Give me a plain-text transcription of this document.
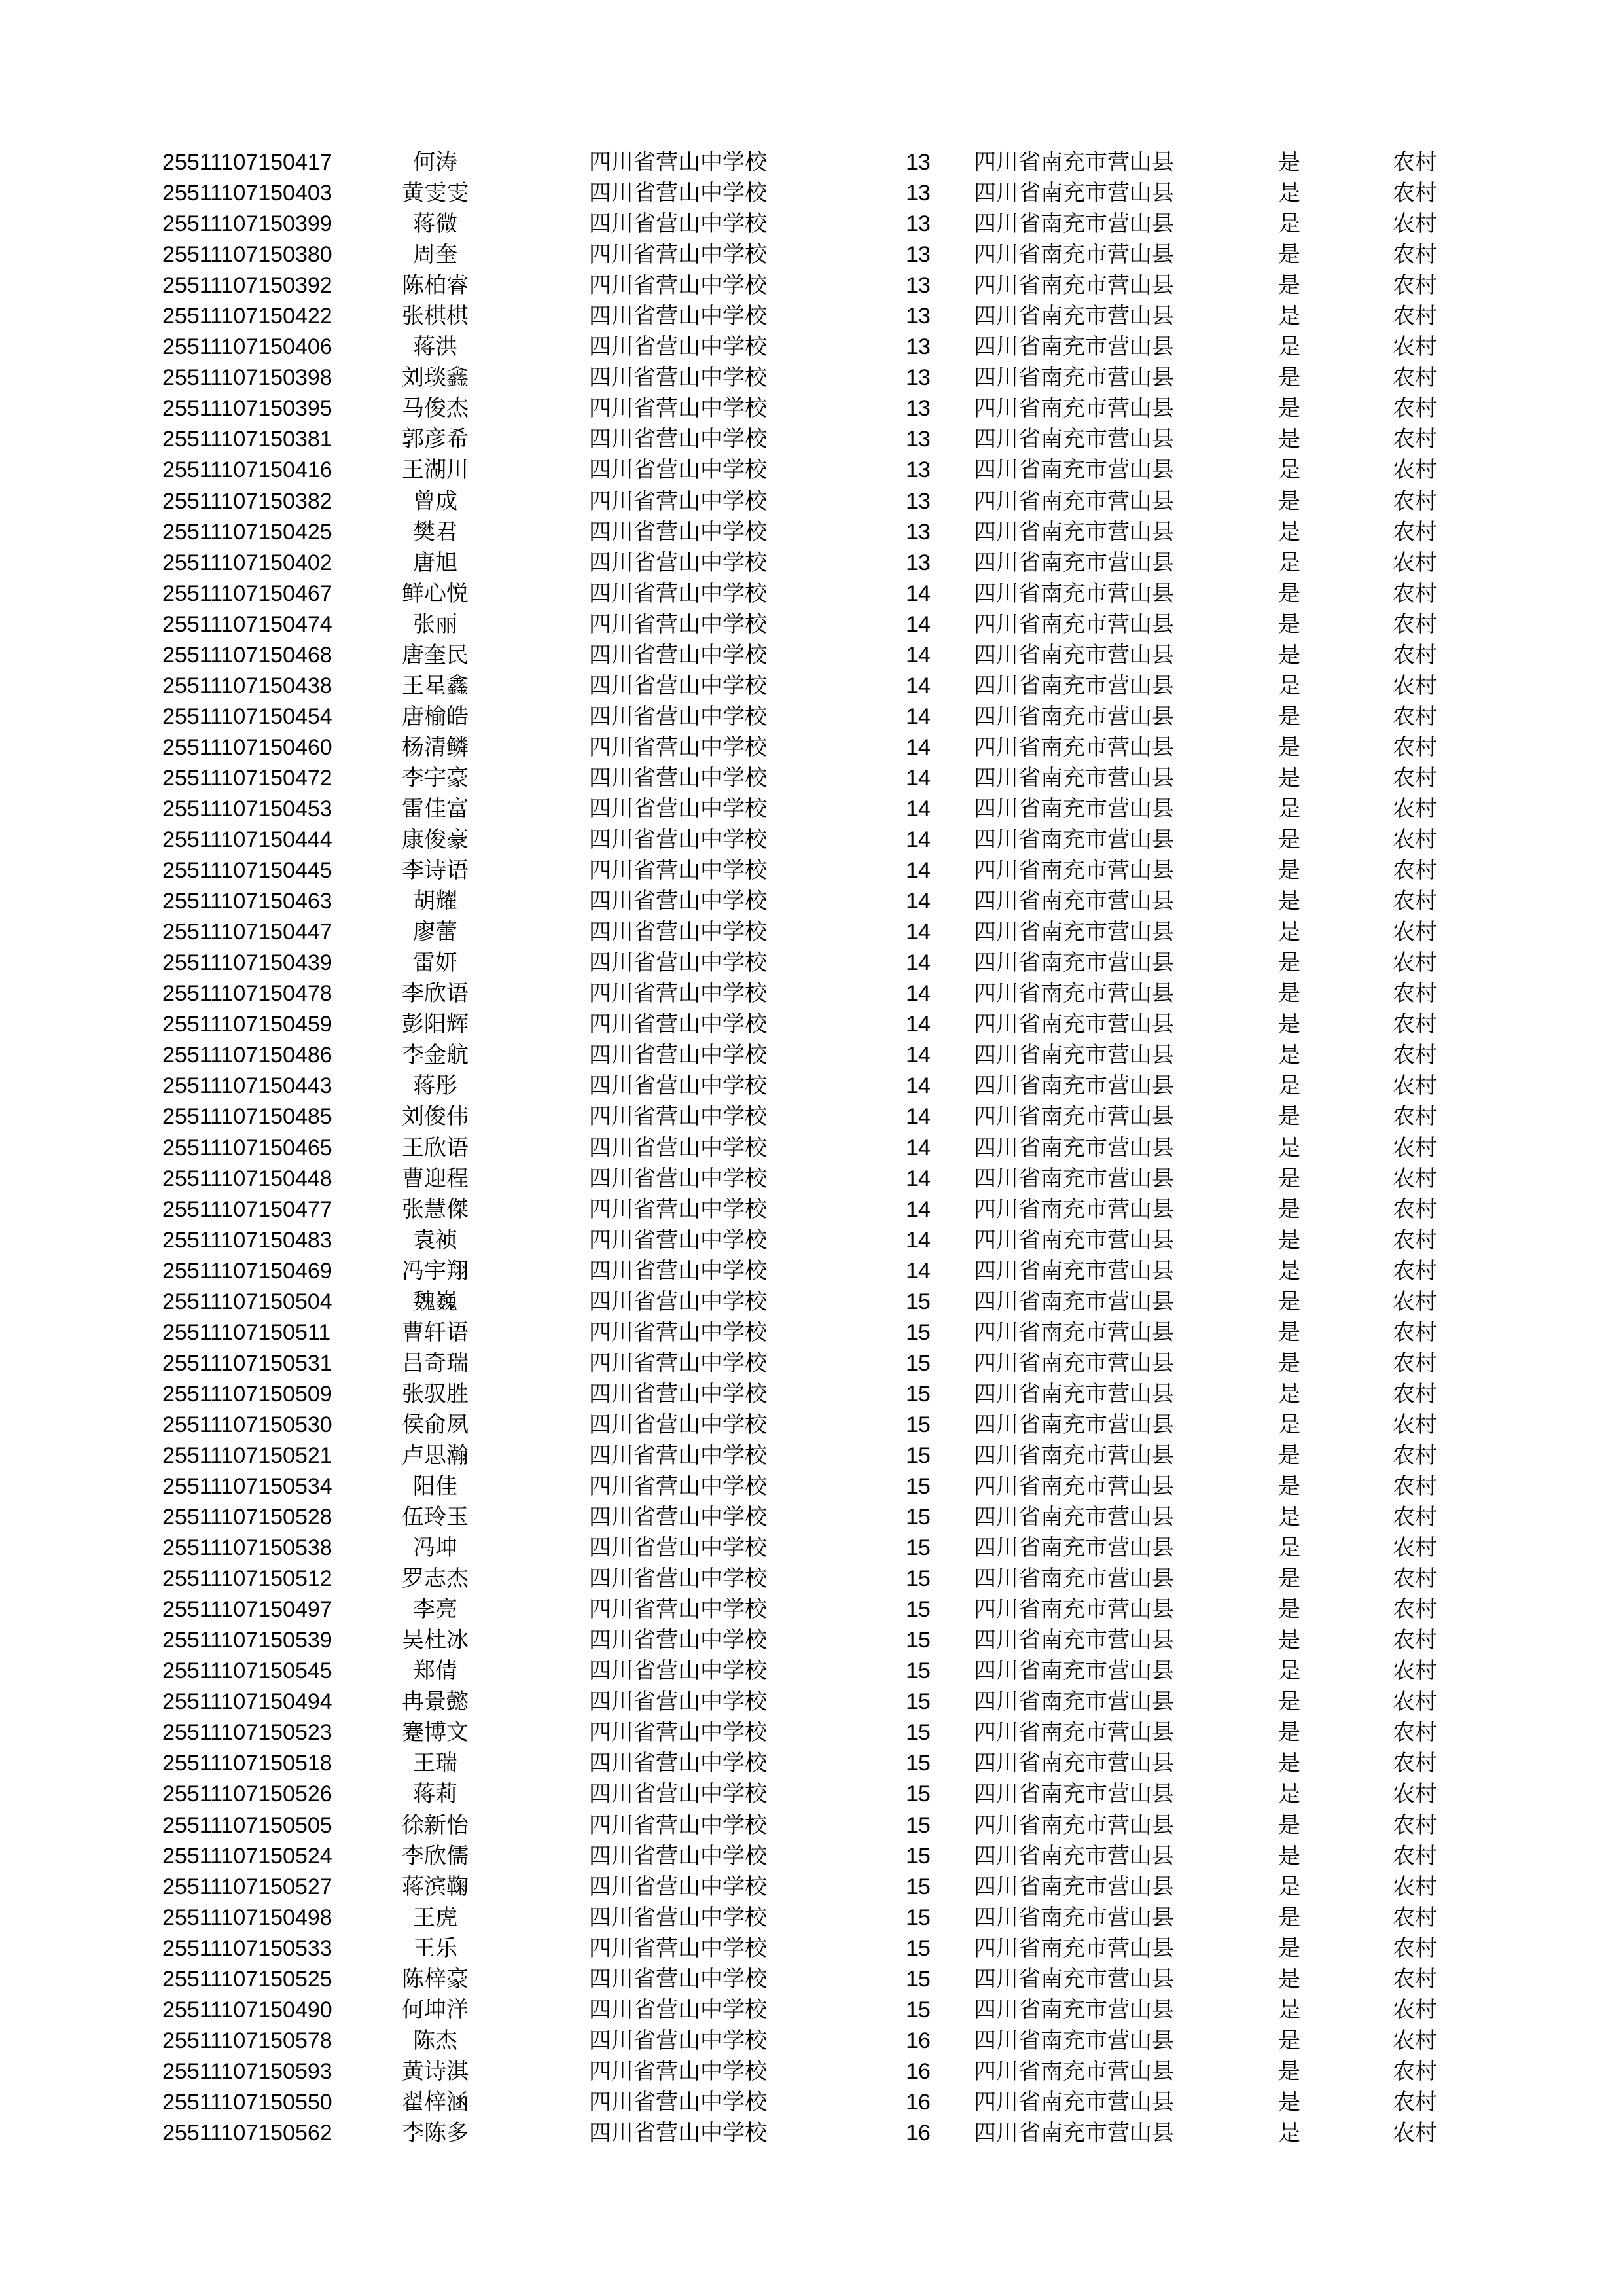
25511107150417	何涛	四川省营山中学校	13	四川省南充市营山县	是	农村
25511107150403	黄雯雯	四川省营山中学校	13	四川省南充市营山县	是	农村
25511107150399	蒋微	四川省营山中学校	13	四川省南充市营山县	是	农村
25511107150380	周奎	四川省营山中学校	13	四川省南充市营山县	是	农村
25511107150392	陈柏睿	四川省营山中学校	13	四川省南充市营山县	是	农村
25511107150422	张棋棋	四川省营山中学校	13	四川省南充市营山县	是	农村
25511107150406	蒋洪	四川省营山中学校	13	四川省南充市营山县	是	农村
25511107150398	刘琰鑫	四川省营山中学校	13	四川省南充市营山县	是	农村
25511107150395	马俊杰	四川省营山中学校	13	四川省南充市营山县	是	农村
25511107150381	郭彦希	四川省营山中学校	13	四川省南充市营山县	是	农村
25511107150416	王湖川	四川省营山中学校	13	四川省南充市营山县	是	农村
25511107150382	曾成	四川省营山中学校	13	四川省南充市营山县	是	农村
25511107150425	樊君	四川省营山中学校	13	四川省南充市营山县	是	农村
25511107150402	唐旭	四川省营山中学校	13	四川省南充市营山县	是	农村
25511107150467	鲜心悦	四川省营山中学校	14	四川省南充市营山县	是	农村
25511107150474	张丽	四川省营山中学校	14	四川省南充市营山县	是	农村
25511107150468	唐奎民	四川省营山中学校	14	四川省南充市营山县	是	农村
25511107150438	王星鑫	四川省营山中学校	14	四川省南充市营山县	是	农村
25511107150454	唐榆皓	四川省营山中学校	14	四川省南充市营山县	是	农村
25511107150460	杨清鳞	四川省营山中学校	14	四川省南充市营山县	是	农村
25511107150472	李宇豪	四川省营山中学校	14	四川省南充市营山县	是	农村
25511107150453	雷佳富	四川省营山中学校	14	四川省南充市营山县	是	农村
25511107150444	康俊豪	四川省营山中学校	14	四川省南充市营山县	是	农村
25511107150445	李诗语	四川省营山中学校	14	四川省南充市营山县	是	农村
25511107150463	胡耀	四川省营山中学校	14	四川省南充市营山县	是	农村
25511107150447	廖蕾	四川省营山中学校	14	四川省南充市营山县	是	农村
25511107150439	雷妍	四川省营山中学校	14	四川省南充市营山县	是	农村
25511107150478	李欣语	四川省营山中学校	14	四川省南充市营山县	是	农村
25511107150459	彭阳辉	四川省营山中学校	14	四川省南充市营山县	是	农村
25511107150486	李金航	四川省营山中学校	14	四川省南充市营山县	是	农村
25511107150443	蒋彤	四川省营山中学校	14	四川省南充市营山县	是	农村
25511107150485	刘俊伟	四川省营山中学校	14	四川省南充市营山县	是	农村
25511107150465	王欣语	四川省营山中学校	14	四川省南充市营山县	是	农村
25511107150448	曹迎程	四川省营山中学校	14	四川省南充市营山县	是	农村
25511107150477	张慧傑	四川省营山中学校	14	四川省南充市营山县	是	农村
25511107150483	袁祯	四川省营山中学校	14	四川省南充市营山县	是	农村
25511107150469	冯宇翔	四川省营山中学校	14	四川省南充市营山县	是	农村
25511107150504	魏巍	四川省营山中学校	15	四川省南充市营山县	是	农村
25511107150511	曹轩语	四川省营山中学校	15	四川省南充市营山县	是	农村
25511107150531	吕奇瑞	四川省营山中学校	15	四川省南充市营山县	是	农村
25511107150509	张驭胜	四川省营山中学校	15	四川省南充市营山县	是	农村
25511107150530	侯俞夙	四川省营山中学校	15	四川省南充市营山县	是	农村
25511107150521	卢思瀚	四川省营山中学校	15	四川省南充市营山县	是	农村
25511107150534	阳佳	四川省营山中学校	15	四川省南充市营山县	是	农村
25511107150528	伍玲玉	四川省营山中学校	15	四川省南充市营山县	是	农村
25511107150538	冯坤	四川省营山中学校	15	四川省南充市营山县	是	农村
25511107150512	罗志杰	四川省营山中学校	15	四川省南充市营山县	是	农村
25511107150497	李亮	四川省营山中学校	15	四川省南充市营山县	是	农村
25511107150539	吴杜冰	四川省营山中学校	15	四川省南充市营山县	是	农村
25511107150545	郑倩	四川省营山中学校	15	四川省南充市营山县	是	农村
25511107150494	冉景懿	四川省营山中学校	15	四川省南充市营山县	是	农村
25511107150523	蹇博文	四川省营山中学校	15	四川省南充市营山县	是	农村
25511107150518	王瑞	四川省营山中学校	15	四川省南充市营山县	是	农村
25511107150526	蒋莉	四川省营山中学校	15	四川省南充市营山县	是	农村
25511107150505	徐新怡	四川省营山中学校	15	四川省南充市营山县	是	农村
25511107150524	李欣儒	四川省营山中学校	15	四川省南充市营山县	是	农村
25511107150527	蒋滨鞠	四川省营山中学校	15	四川省南充市营山县	是	农村
25511107150498	王虎	四川省营山中学校	15	四川省南充市营山县	是	农村
25511107150533	王乐	四川省营山中学校	15	四川省南充市营山县	是	农村
25511107150525	陈梓豪	四川省营山中学校	15	四川省南充市营山县	是	农村
25511107150490	何坤洋	四川省营山中学校	15	四川省南充市营山县	是	农村
25511107150578	陈杰	四川省营山中学校	16	四川省南充市营山县	是	农村
25511107150593	黄诗淇	四川省营山中学校	16	四川省南充市营山县	是	农村
25511107150550	翟梓涵	四川省营山中学校	16	四川省南充市营山县	是	农村
25511107150562	李陈多	四川省营山中学校	16	四川省南充市营山县	是	农村
